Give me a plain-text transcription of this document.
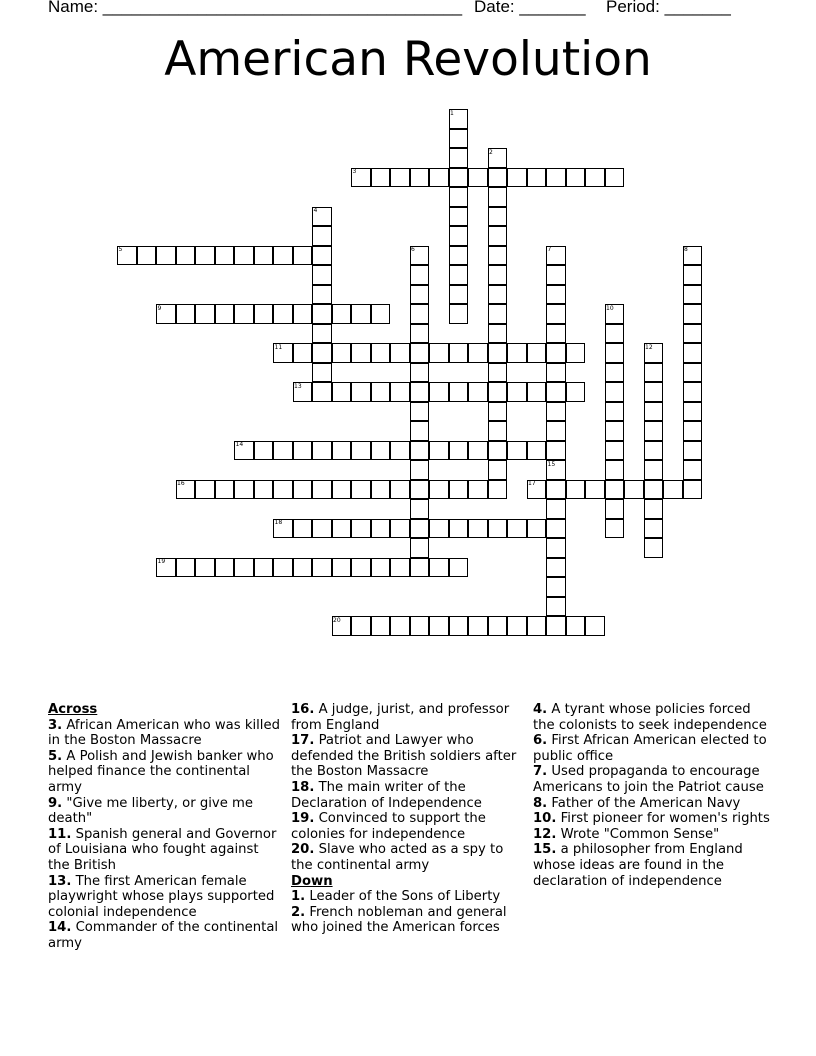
Name: ______________________________________ Date: _______ Period: _______
American Revolution
1
2
3
4
5	6	7	8
9	10
11	12
13
14
15
16	17
18
19
20
Across
3. African American who was killed in the Boston Massacre
5. A Polish and Jewish banker who helped finance the continental army
9. "Give me liberty, or give me death"
11. Spanish general and Governor of Louisiana who fought against the British
13. The first American female playwright whose plays supported colonial independence
14. Commander of the continental army
16. A judge, jurist, and professor from England
17. Patriot and Lawyer who defended the British soldiers after the Boston Massacre
18. The main writer of the Declaration of Independence
19. Convinced to support the colonies for independence
20. Slave who acted as a spy to the continental army
Down
1. Leader of the Sons of Liberty
2. French nobleman and general who joined the American forces
4. A tyrant whose policies forced the colonists to seek independence
6. First African American elected to public office
7. Used propaganda to encourage Americans to join the Patriot cause
8. Father of the American Navy
10. First pioneer for women's rights
12. Wrote "Common Sense"
15. a philosopher from England whose ideas are found in the declaration of independence
